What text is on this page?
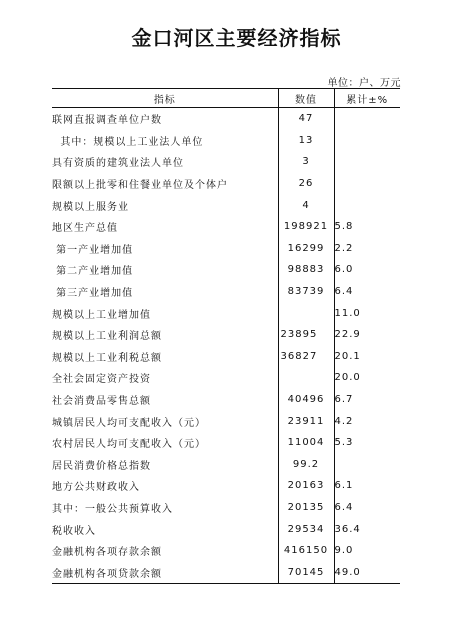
金口河区主要经济指标
单位：户、万元
指标	数值	累计±%
联网直报调查单位户数	47	
其中：规模以上工业法人单位	13	
具有资质的建筑业法人单位	3	
限额以上批零和住餐业单位及个体户	26	
规模以上服务业	4	
地区生产总值	198921	5.8
第一产业增加值	16299	2.2
第二产业增加值	98883	6.0
第三产业增加值	83739	6.4
规模以上工业增加值		11.0
规模以上工业利润总额	23895	22.9
规模以上工业利税总额	36827	20.1
全社会固定资产投资		20.0
社会消费品零售总额	40496	6.7
城镇居民人均可支配收入（元）	23911	4.2
农村居民人均可支配收入（元）	11004	5.3
居民消费价格总指数	99.2	
地方公共财政收入	20163	6.1
其中：一般公共预算收入	20135	6.4
税收收入	29534	36.4
金融机构各项存款余额	416150	9.0
金融机构各项贷款余额	70145	49.0
